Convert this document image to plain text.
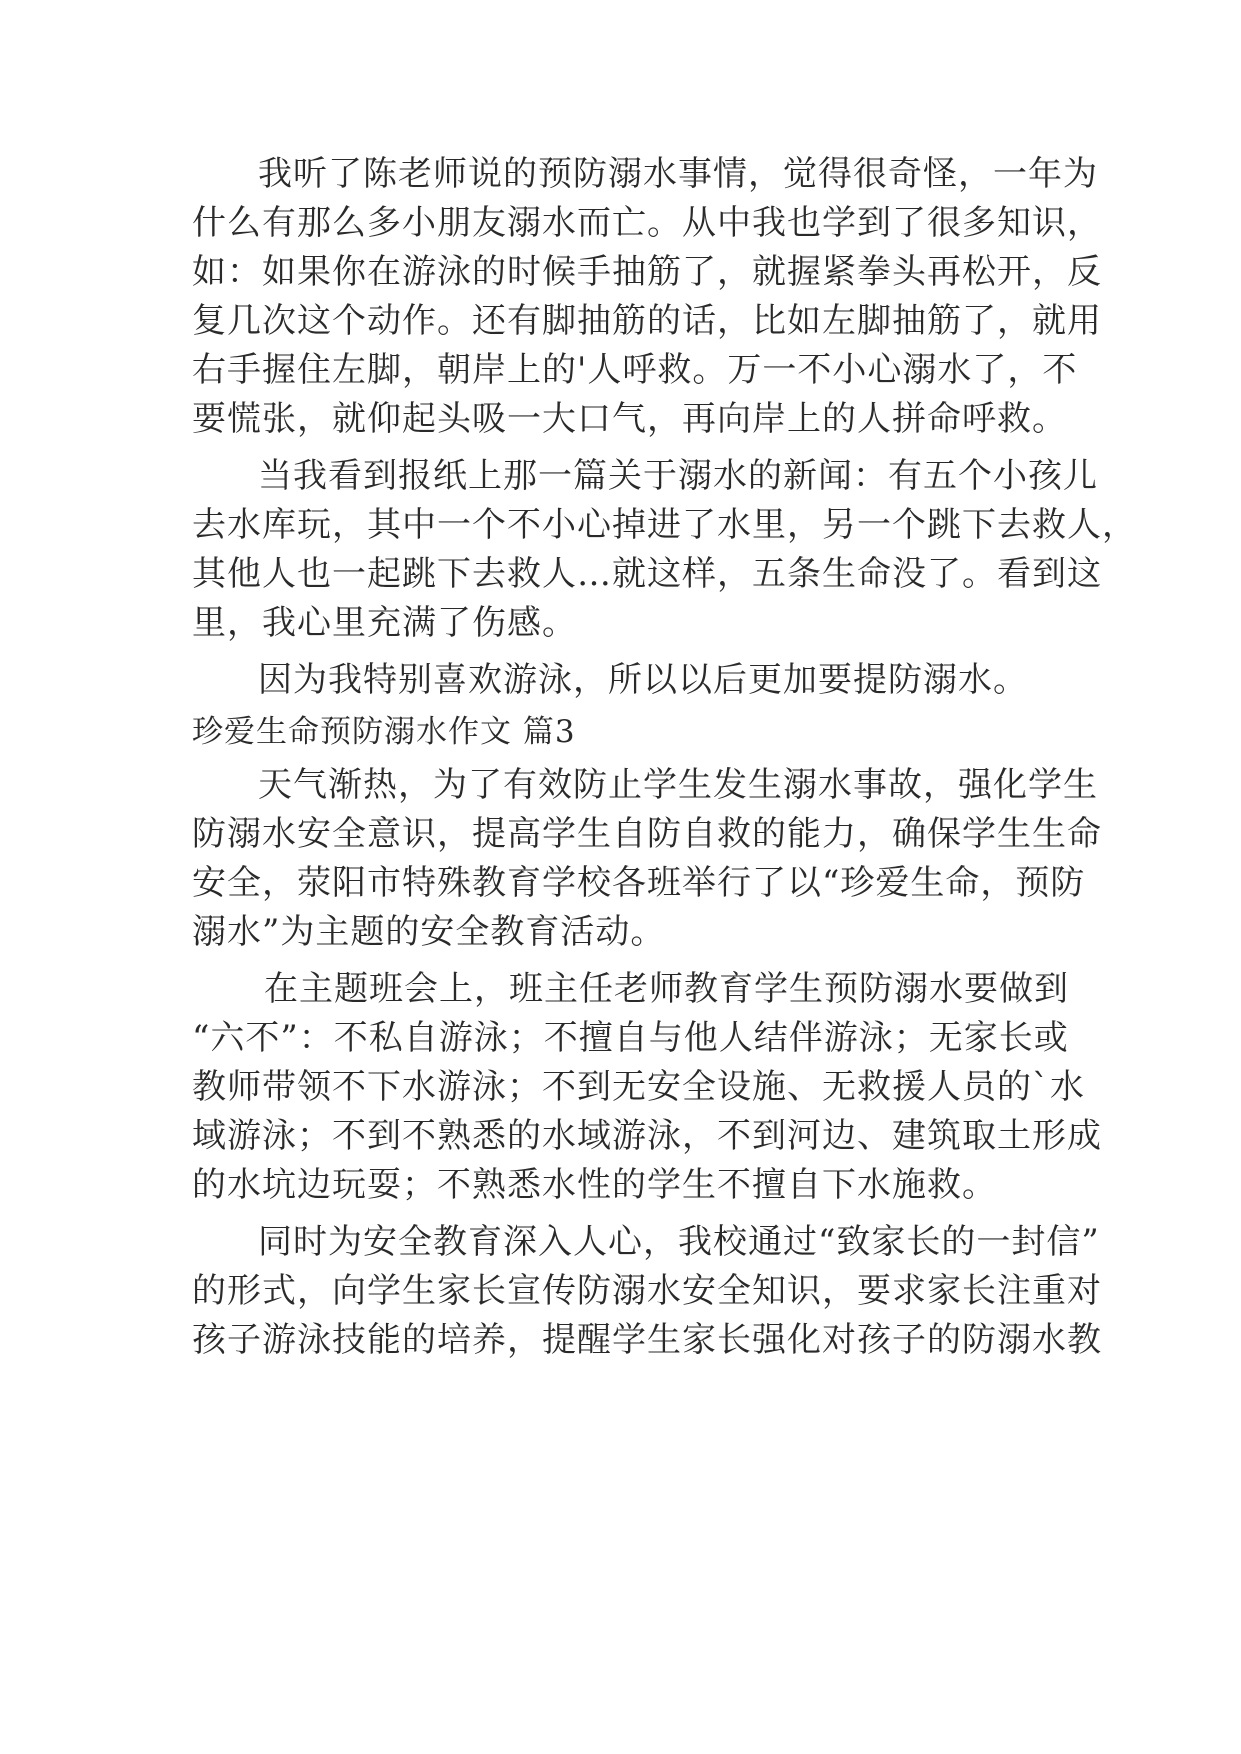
我听了陈老师说的预防溺水事情，觉得很奇怪，一年为
什么有那么多小朋友溺水而亡。从中我也学到了很多知识，
如：如果你在游泳的时候手抽筋了，就握紧拳头再松开，反
复几次这个动作。还有脚抽筋的话，比如左脚抽筋了，就用
右手握住左脚，朝岸上的'人呼救。万一不小心溺水了，不
要慌张，就仰起头吸一大口气，再向岸上的人拼命呼救。
当我看到报纸上那一篇关于溺水的新闻：有五个小孩儿
去水库玩，其中一个不小心掉进了水里，另一个跳下去救人，
其他人也一起跳下去救人…就这样，五条生命没了。看到这
里，我心里充满了伤感。
因为我特别喜欢游泳，所以以后更加要提防溺水。
珍爱生命预防溺水作文 篇3
天气渐热，为了有效防止学生发生溺水事故，强化学生
防溺水安全意识，提高学生自防自救的能力，确保学生生命
安全，荥阳市特殊教育学校各班举行了以“珍爱生命，预防
溺水”为主题的安全教育活动。
在主题班会上，班主任老师教育学生预防溺水要做到
“六不”：不私自游泳；不擅自与他人结伴游泳；无家长或
教师带领不下水游泳；不到无安全设施、无救援人员的`水
域游泳；不到不熟悉的水域游泳，不到河边、建筑取土形成
的水坑边玩耍；不熟悉水性的学生不擅自下水施救。
同时为安全教育深入人心，我校通过“致家长的一封信”
的形式，向学生家长宣传防溺水安全知识，要求家长注重对
孩子游泳技能的培养，提醒学生家长强化对孩子的防溺水教
